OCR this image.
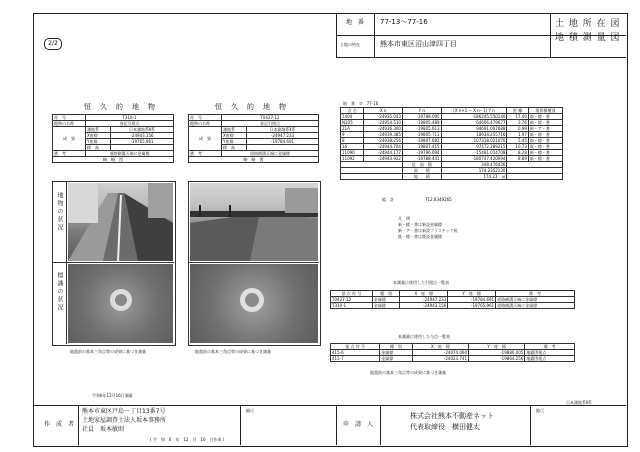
地　番 77-13〜77-16
土地の所在	熊本市東区沼山津四丁目
土 地 所 在 図
地 積 測 量 図
2/2
恒　久　的　地　物
符　号	T310-1	
地物の名称	巻記引照点	
成　果	測地系	日本測地系Ⅱ系
	X座標	-24943.156
	Y座標	-19765.961
	標　高	
備　考	道路側溝天端に金属標	
略　略　図		
地物の状況
標識の状況
地震前の基本三角点等の成果に基づき測量
恒　久　的　地　物
符　号	T0427-12	
地物の名称	巻記引照点	
成　果	測地系	日本測地系Ⅱ系
	X座標	-24947.233
	Y座標	-19784.691
	標　高	
備　考	道路横溝天端に金属標	
略　略　図		
地震前の基本三角点等の成果に基づき測量
地　番　⑦　77-16
点 名	X n	Y n	(X n+1 − X n−1) Y n	距 離	境界標種別
1404	-24935.043	-19788.095	-186245.550140	17.40	新・標・書
N105	-24954.510	-19805.489	64606.479677	3.76	新・標・書
21A	-24936.300	-19805.613	94691.007688	0.99	新・ア・書
9	-24939.385	-19805.711	18934.255716	1.97	新・標・書
8	-24938.256	-19807.682	107318.021076	5.45	新・標・書
16	-24944.704	-19807.415	97472.289215	10.73	既・標・書
11090	-24944.177	-19796.694	-15481.014708	8.28	新・標・書
11092	-24943.922	-19788.441	-180747.420094	8.89	新・標・書
		倍　面　積	348.476426		
		面　　積	174.2352130		
		地　　積	174.23　 ㎡		
総　計	712.8349265
凡　例
新・標・書は新設金属標
新・ア・書は新設プラスチック杭
既・標・書は既設金属標
本測量に使用した引照点一覧表
基 点 符 号	種　別	X　座　標	Y　座　標	備　考
T0427-12	金属標	-24947.233	-19784.691	道路横溝天端に金属標
T310-1	金属標	-24943.156	-19765.961	道路側溝天端に金属標
本測量に使用した与点一覧表
基 点 符 号	種　別	X　座　標	Y　座　標	備　考
415-6	金属標	-24074.060	-19880.005	地籍図根点
415-7	金属標	-24023.741	-19864.256	地籍図根点
地震前の基本三角点等の成果に基づき測量
令和6年12月16日測量
日本測地系Ⅱ系
作　成　者
熊本市東区戸島一丁目13番7号
土地家屋調査士法人坂本事務所
社員　坂本敏則
( 令　和　6　年　12　月　16　日作成 )
縮尺
申　請　人
株式会社熊本不動産ネット
代表取締役　横田健太
縮尺
